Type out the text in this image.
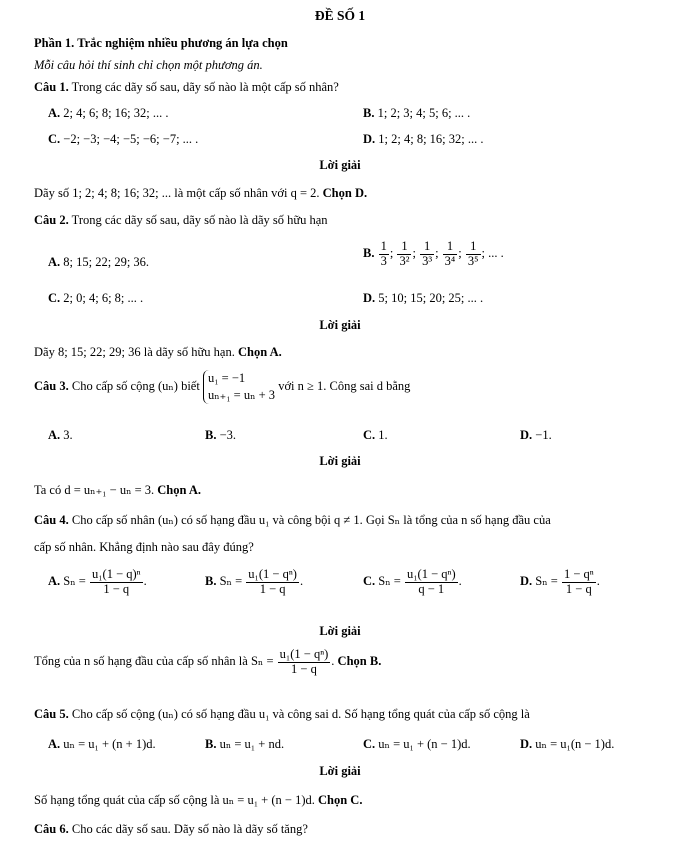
ĐỀ SỐ 1
Phần 1. Trắc nghiệm nhiều phương án lựa chọn
Mỗi câu hỏi thí sinh chỉ chọn một phương án.
Câu 1. Trong các dãy số sau, dãy số nào là một cấp số nhân?
A. 2; 4; 6; 8; 16; 32; ... .	B. 1; 2; 3; 4; 5; 6; ... .
C. −2; −3; −4; −5; −6; −7; ... .	D. 1; 2; 4; 8; 16; 32; ... .
Lời giải
Dãy số 1; 2; 4; 8; 16; 32; ... là một cấp số nhân với q = 2. Chọn D.
Câu 2. Trong các dãy số sau, dãy số nào là dãy số hữu hạn
A. 8; 15; 22; 29; 36.
B. $\frac{1}{3}$ ; $\frac{1}{\text{3²}}$ ; $\frac{1}{\text{3³}}$ ; $\frac{1}{\text{3⁴}}$ ; $\frac{1}{\text{3⁵}}$ ; ... .
C. 2; 0; 4; 6; 8; ... .	D. 5; 10; 15; 20; 25; ... .
Lời giải
Dãy 8; 15; 22; 29; 36 là dãy số hữu hạn. Chọn A.
Câu 3. Cho cấp số cộng (uₙ) biết
u₁ = −1
uₙ₊₁ = uₙ + 3
với n ≥ 1. Công sai d bằng
A. 3.	B. −3.	C. 1.	D. −1.
Lời giải
Ta có d = uₙ₊₁ − uₙ = 3. Chọn A.
Câu 4. Cho cấp số nhân (uₙ) có số hạng đầu u₁ và công bội q ≠ 1. Gọi Sₙ là tổng của n số hạng đầu của
cấp số nhân. Khẳng định nào sau đây đúng?
A. $S_n = \frac{\text{u₁(1 − q)ⁿ}}{1 - q}$ .	B. $S_n = \frac{\text{u₁(1 − qⁿ)}}{1 - q}$ .	C. $S_n = \frac{\text{u₁(1 − qⁿ)}}{q - 1}$ .	D. $S_n = \frac{\text{1 − qⁿ}}{1 - q}$ .
Lời giải
Tổng của n số hạng đầu của cấp số nhân là $S_n = \frac{\text{u₁(1 − qⁿ)}}{1 - q}$ . Chọn B.
Câu 5. Cho cấp số cộng (uₙ) có số hạng đầu u₁ và công sai d. Số hạng tổng quát của cấp số cộng là
A. uₙ = u₁ + (n + 1)d.	B. uₙ = u₁ + nd.	C. uₙ = u₁ + (n − 1)d.	D. uₙ = u₁(n − 1)d.
Lời giải
Số hạng tổng quát của cấp số cộng là uₙ = u₁ + (n − 1)d. Chọn C.
Câu 6. Cho các dãy số sau. Dãy số nào là dãy số tăng?
